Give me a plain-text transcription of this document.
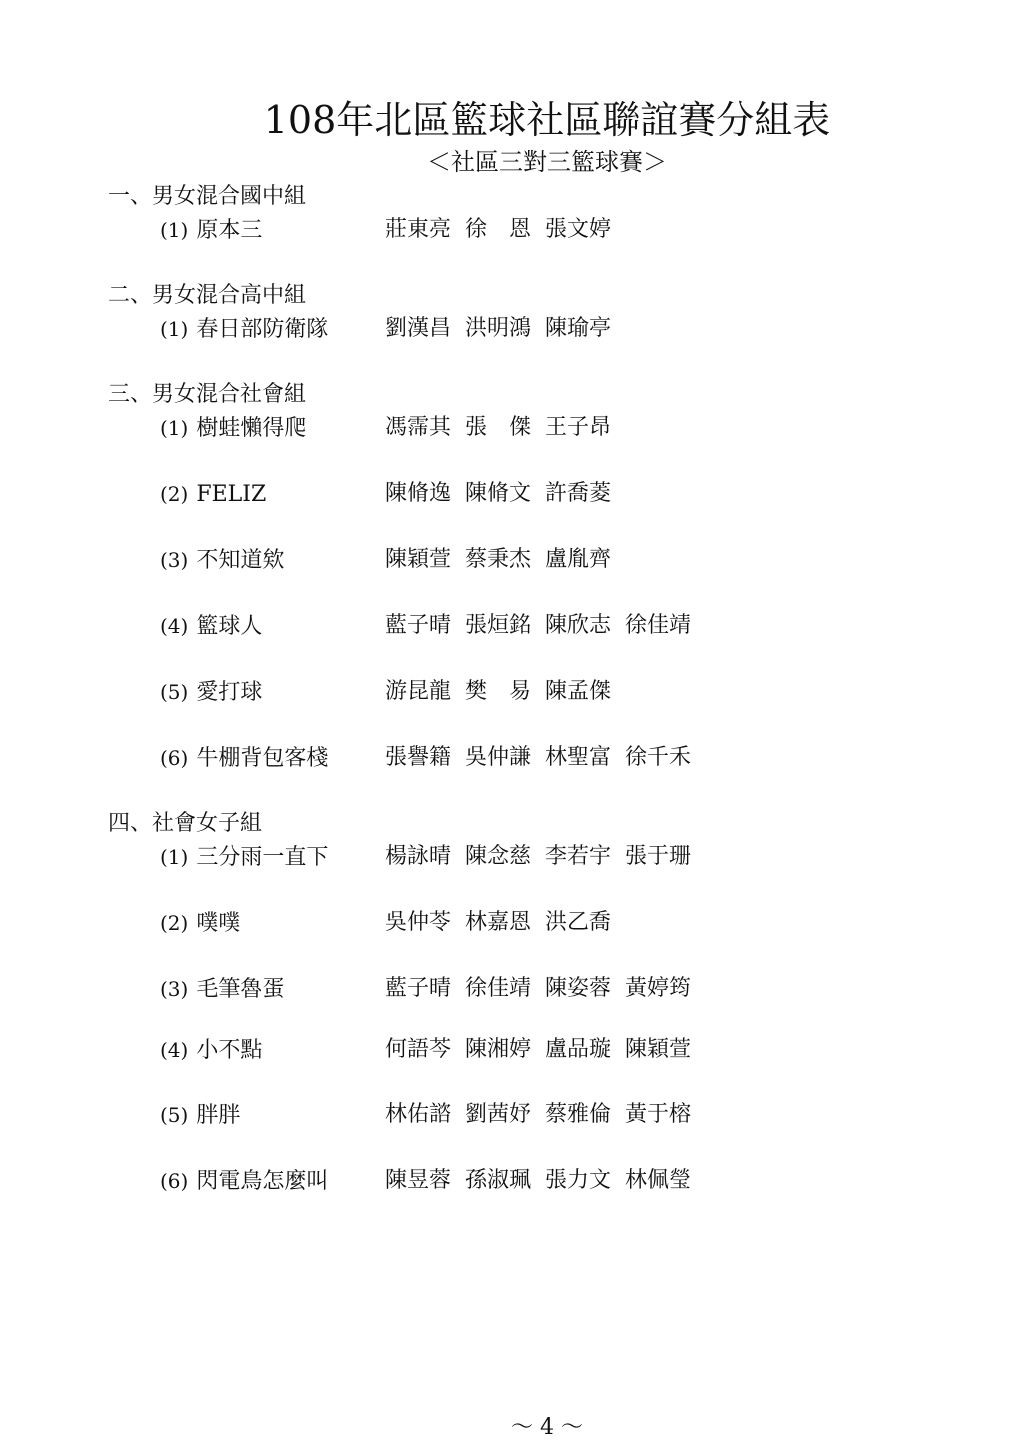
108年北區籃球社區聯誼賽分組表
＜社區三對三籃球賽＞
一、男女混合國中組
(1) 原本三	莊東亮 徐　恩 張文婷
二、男女混合高中組
(1) 春日部防衛隊	劉漢昌 洪明鴻 陳瑜亭
三、男女混合社會組
(1) 樹蛙懶得爬	馮霈其 張　傑 王子昂
(2) FELIZ	陳脩逸 陳脩文 許喬菱
(3) 不知道欸	陳穎萱 蔡秉杰 盧胤齊
(4) 籃球人	藍子晴 張烜銘 陳欣志 徐佳靖
(5) 愛打球	游昆龍 樊　易 陳孟傑
(6) 牛棚背包客棧	張譽籍 吳仲謙 林聖富 徐千禾
四、社會女子組
(1) 三分雨一直下	楊詠晴 陳念慈 李若宇 張于珊
(2) 噗噗	吳仲苓 林嘉恩 洪乙喬
(3) 毛筆魯蛋	藍子晴 徐佳靖 陳姿蓉 黃婷筠
(4) 小不點	何語芩 陳湘婷 盧品璇 陳穎萱
(5) 胖胖	林佑諮 劉茜妤 蔡雅倫 黃于榕
(6) 閃電鳥怎麼叫	陳昱蓉 孫淑珮 張力文 林佩瑩
～ 4 ～
